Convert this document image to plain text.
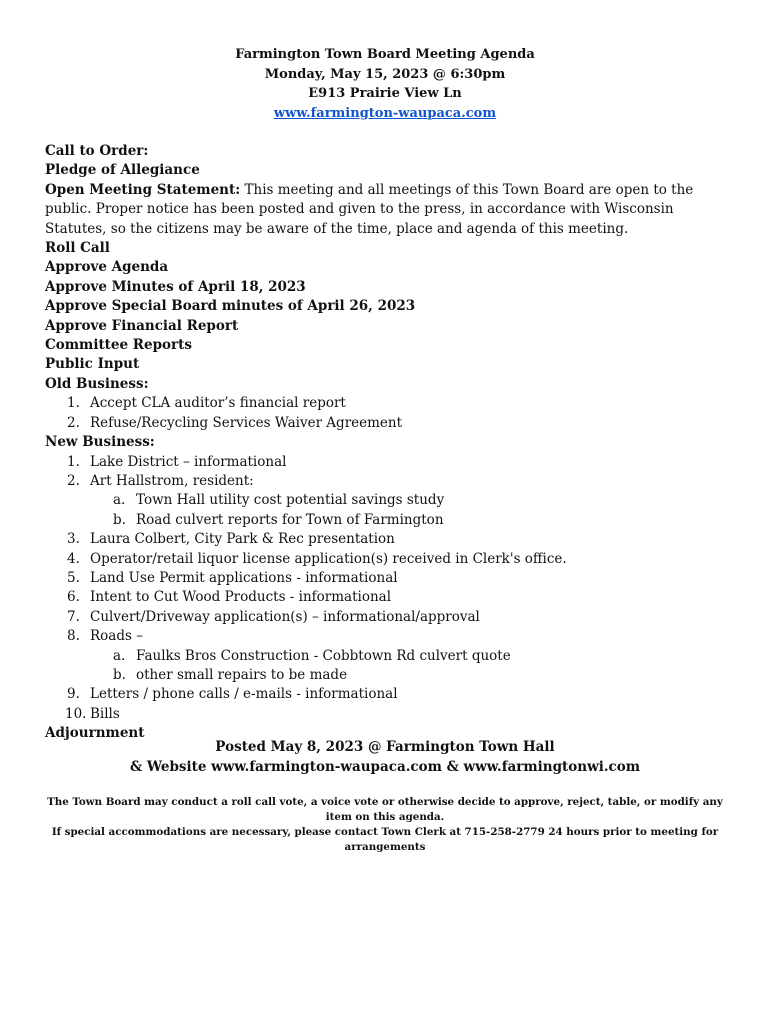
Farmington Town Board Meeting Agenda
Monday, May 15, 2023 @ 6:30pm
E913 Prairie View Ln
www.farmington-waupaca.com
Call to Order:
Pledge of Allegiance

Open Meeting Statement: This meeting and all meetings of this Town Board are open to the public. Proper notice has been posted and given to the press, in accordance with Wisconsin Statutes, so the citizens may be aware of the time, place and agenda of this meeting.

Roll Call
Approve Agenda
Approve Minutes of April 18, 2023
Approve Special Board minutes of April 26, 2023
Approve Financial Report
Committee Reports
Public Input
Old Business:
1. Accept CLA auditor’s financial report
2. Refuse/Recycling Services Waiver Agreement
New Business:
1. Lake District – informational
2. Art Hallstrom, resident:
a. Town Hall utility cost potential savings study
b. Road culvert reports for Town of Farmington
3. Laura Colbert, City Park & Rec presentation
4. Operator/retail liquor license application(s) received in Clerk's office.
5. Land Use Permit applications - informational
6. Intent to Cut Wood Products - informational
7. Culvert/Driveway application(s) – informational/approval
8. Roads –
a. Faulks Bros Construction - Cobbtown Rd culvert quote
b. other small repairs to be made
9. Letters / phone calls / e-mails - informational
10. Bills
Adjournment
Posted May 8, 2023 @ Farmington Town Hall
& Website www.farmington-waupaca.com & www.farmingtonwi.com
The Town Board may conduct a roll call vote, a voice vote or otherwise decide to approve, reject, table, or modify any item on this agenda.
If special accommodations are necessary, please contact Town Clerk at 715-258-2779 24 hours prior to meeting for arrangements
